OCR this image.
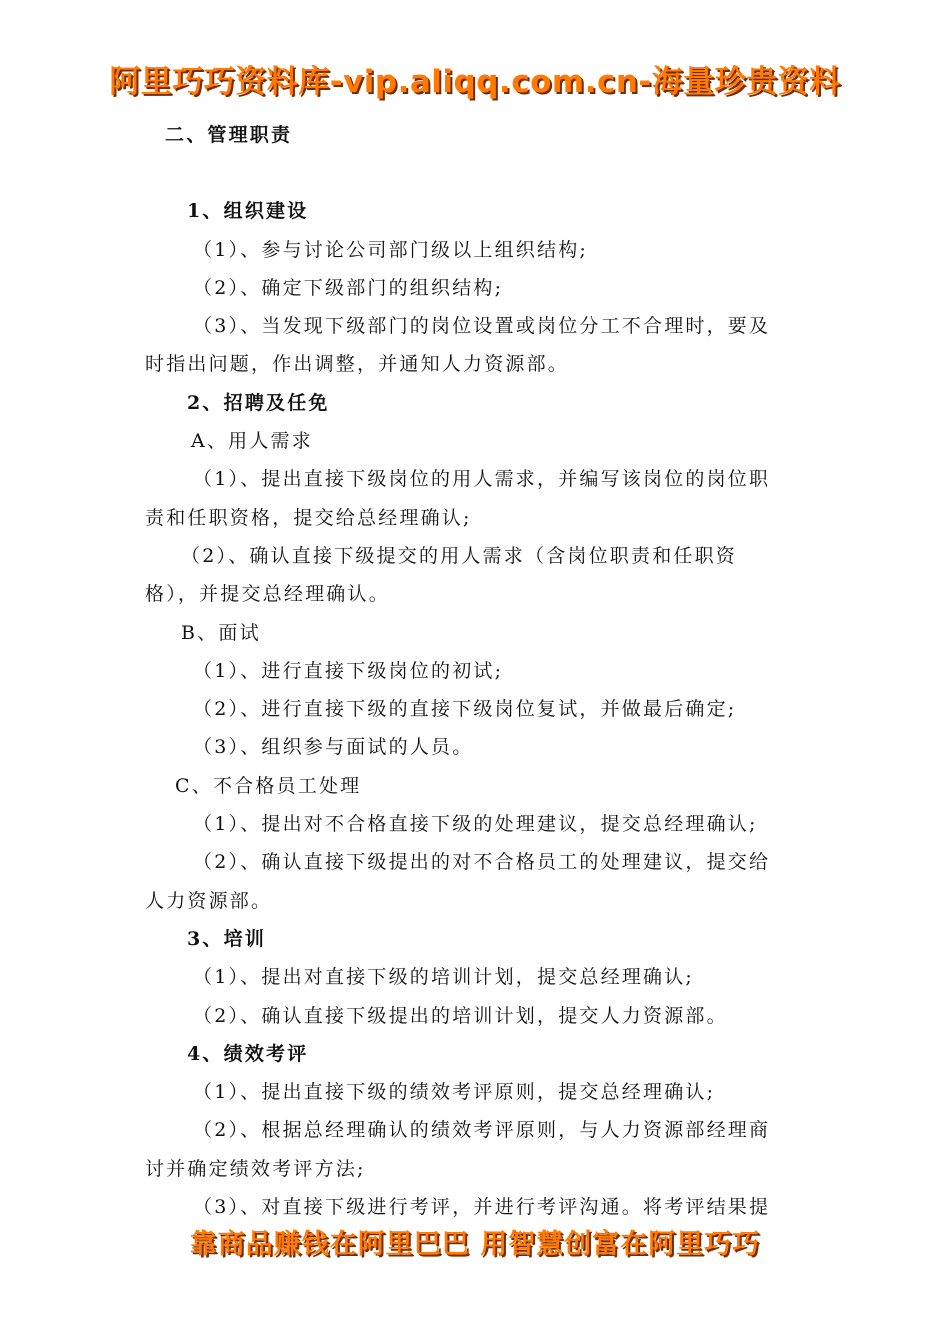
阿里巧巧资料库-vip.aliqq.com.cn-海量珍贵资料
二、管理职责
1、组织建设
（1）、参与讨论公司部门级以上组织结构;
（2）、确定下级部门的组织结构;
（3）、当发现下级部门的岗位设置或岗位分工不合理时，要及
时指出问题，作出调整，并通知人力资源部。
2、招聘及任免
A、用人需求
（1）、提出直接下级岗位的用人需求，并编写该岗位的岗位职
责和任职资格，提交给总经理确认;
（2）、确认直接下级提交的用人需求（含岗位职责和任职资
格），并提交总经理确认。
B、面试
（1）、进行直接下级岗位的初试;
（2）、进行直接下级的直接下级岗位复试，并做最后确定;
（3）、组织参与面试的人员。
C、不合格员工处理
（1）、提出对不合格直接下级的处理建议，提交总经理确认;
（2）、确认直接下级提出的对不合格员工的处理建议，提交给
人力资源部。
3、培训
（1）、提出对直接下级的培训计划，提交总经理确认;
（2）、确认直接下级提出的培训计划，提交人力资源部。
4、绩效考评
（1）、提出直接下级的绩效考评原则，提交总经理确认;
（2）、根据总经理确认的绩效考评原则，与人力资源部经理商
讨并确定绩效考评方法;
（3）、对直接下级进行考评，并进行考评沟通。将考评结果提
靠商品赚钱在阿里巴巴 用智慧创富在阿里巧巧
